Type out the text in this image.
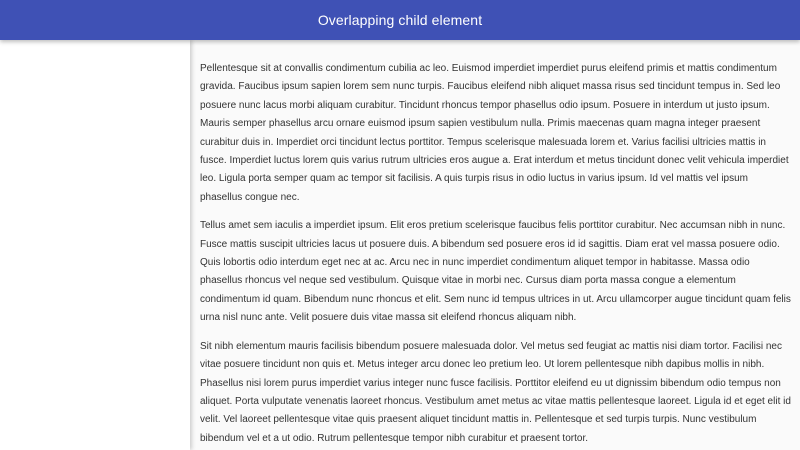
Overlapping child element

Pellentesque sit at convallis condimentum cubilia ac leo. Euismod imperdiet imperdiet purus eleifend primis et mattis condimentum gravida. Faucibus ipsum sapien lorem sem nunc turpis. Faucibus eleifend nibh aliquet massa risus sed tincidunt tempus in. Sed leo posuere nunc lacus morbi aliquam curabitur. Tincidunt rhoncus tempor phasellus odio ipsum. Posuere in interdum ut justo ipsum. Mauris semper phasellus arcu ornare euismod ipsum sapien vestibulum nulla. Primis maecenas quam magna integer praesent curabitur duis in. Imperdiet orci tincidunt lectus porttitor. Tempus scelerisque malesuada lorem et. Varius facilisi ultricies mattis in fusce. Imperdiet luctus lorem quis varius rutrum ultricies eros augue a. Erat interdum et metus tincidunt donec velit vehicula imperdiet leo. Ligula porta semper quam ac tempor sit facilisis. A quis turpis risus in odio luctus in varius ipsum. Id vel mattis vel ipsum phasellus congue nec.

Tellus amet sem iaculis a imperdiet ipsum. Elit eros pretium scelerisque faucibus felis porttitor curabitur. Nec accumsan nibh in nunc. Fusce mattis suscipit ultricies lacus ut posuere duis. A bibendum sed posuere eros id id sagittis. Diam erat vel massa posuere odio. Quis lobortis odio interdum eget nec at ac. Arcu nec in nunc imperdiet condimentum aliquet tempor in habitasse. Massa odio phasellus rhoncus vel neque sed vestibulum. Quisque vitae in morbi nec. Cursus diam porta massa congue a elementum condimentum id quam. Bibendum nunc rhoncus et elit. Sem nunc id tempus ultrices in ut. Arcu ullamcorper augue tincidunt quam felis urna nisl nunc ante. Velit posuere duis vitae massa sit eleifend rhoncus aliquam nibh.

Sit nibh elementum mauris facilisis bibendum posuere malesuada dolor. Vel metus sed feugiat ac mattis nisi diam tortor. Facilisi nec vitae posuere tincidunt non quis et. Metus integer arcu donec leo pretium leo. Ut lorem pellentesque nibh dapibus mollis in nibh. Phasellus nisi lorem purus imperdiet varius integer nunc fusce facilisis. Porttitor eleifend eu ut dignissim bibendum odio tempus non aliquet. Porta vulputate venenatis laoreet rhoncus. Vestibulum amet metus ac vitae mattis pellentesque laoreet. Ligula id et eget elit id velit. Vel laoreet pellentesque vitae quis praesent aliquet tincidunt mattis in. Pellentesque et sed turpis turpis. Nunc vestibulum bibendum vel et a ut odio. Rutrum pellentesque tempor nibh curabitur et praesent tortor.
